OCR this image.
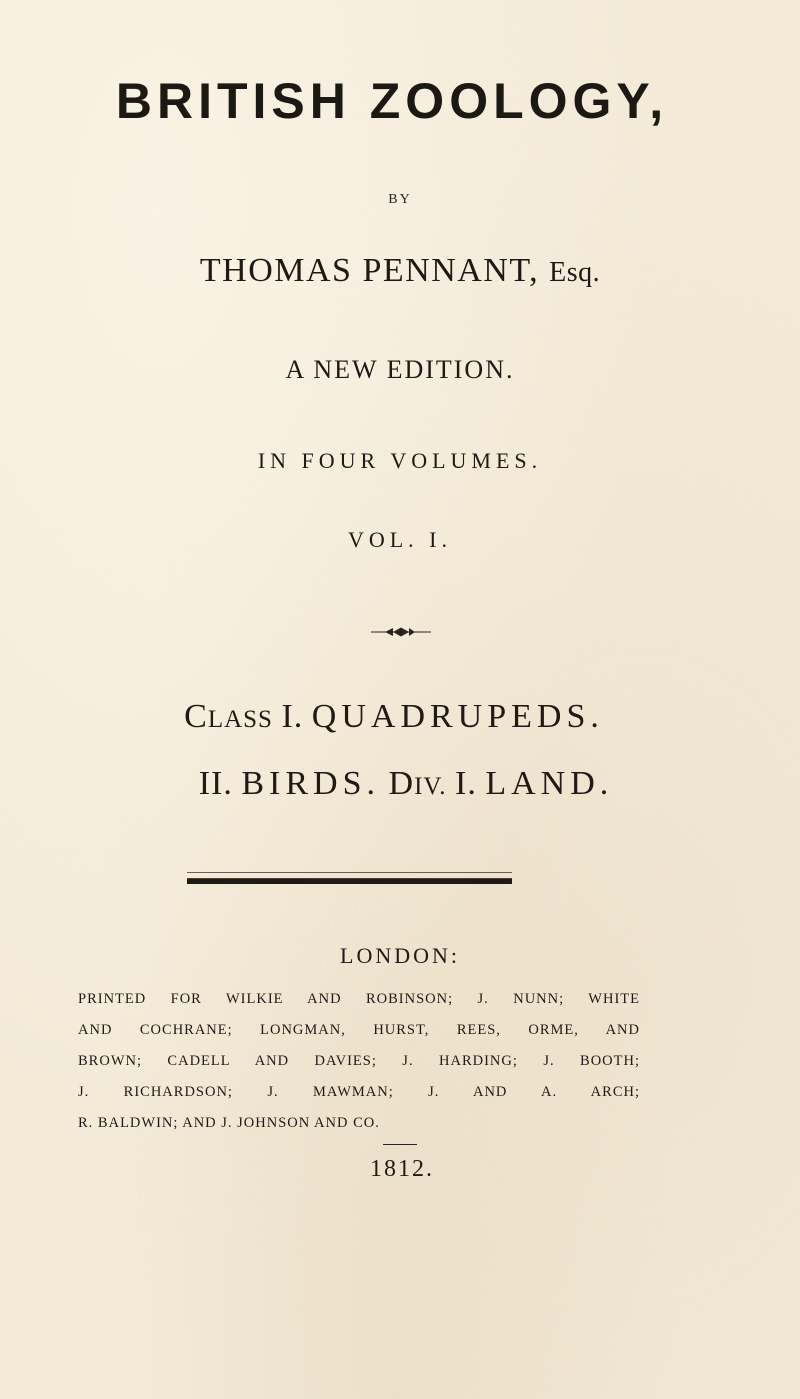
BRITISH ZOOLOGY,
BY
THOMAS PENNANT, Esq.
A NEW EDITION.
IN FOUR VOLUMES.
VOL. I.
CLASS I. QUADRUPEDS.
II. BIRDS. DIV. I. LAND.
LONDON:
PRINTED FOR WILKIE AND ROBINSON; J. NUNN; WHITE
AND COCHRANE; LONGMAN, HURST, REES, ORME, AND
BROWN; CADELL AND DAVIES; J. HARDING; J. BOOTH;
J. RICHARDSON; J. MAWMAN; J. AND A. ARCH;
R. BALDWIN; AND J. JOHNSON AND CO.
1812.
